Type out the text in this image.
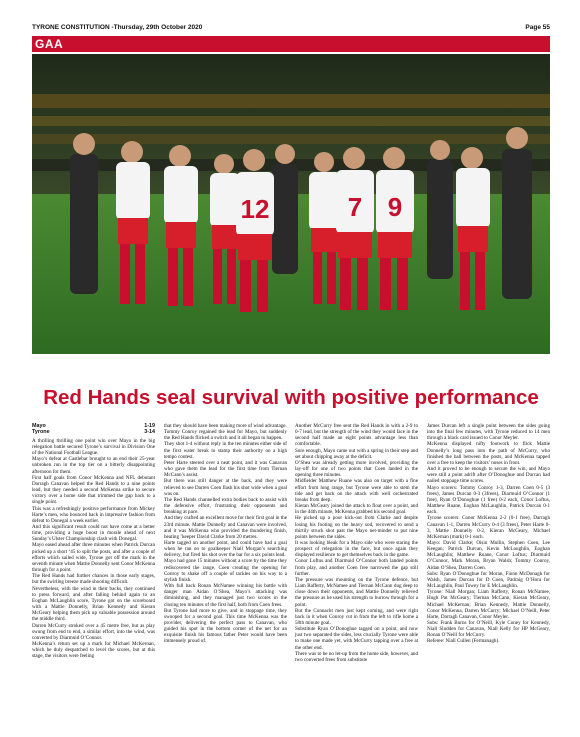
TYRONE CONSTITUTION -Thursday, 29th October 2020	Page 55
GAA
12	7 9
Red Hands seal survival with positive performance
Mayo	1-19
Tyrone	3-14

A thrilling thrilling one point win over Mayo in the big relegation battle secured Tyrone’s survival in Division One of the National Football League.

Mayo’s defeat at Castlebar brought to an end their 25-year unbroken run in the top tier on a bitterly disappointing afternoon for them.

First half goals from Conor McKenna and NFL debutant Darragh Canavan helped the Red Hands to a nine points lead, but they needed a second McKenna strike to secure victory over a home side that trimmed the gap back to a single point.

This was a refreshingly positive performance from Mickey Harte’s men, who bounced back in impressive fashion from defeat to Donegal a week earlier.

And this significant result could not have come at a better time, providing a huge boost in morale ahead of next Sunday’s Ulster Championship clash with Donegal.

Mayo eased ahead after three minutes when Patrick Durcan picked up a short ‘45 to split the posts, and after a couple of efforts which sailed wide, Tyrone got off the mark in the seventh minute when Mattie Donnelly sent Conor McKenna through for a point.

The Red Hands had further chances in those early stages, but the swirling breeze made shooting difficult.

Nevertheless, with the wind in their backs, they continued to press forward, and after falling behind again to an Eoghan McLaughlin score, Tyrone got on the scoreboard with a Mattie Donnelly, Brian Kennedy and Kieran McGeary helping them pick up valuable possession around the middle third.

Darren McCurry stroked over a 45 metre free, but as play swung from end to end, a similar effort, into the wind, was converted by Diarmuid O’Connor.

McKenna’s return set up a mark for Michael McKernan, which he duly despatched to level the scores, but at this stage, the visitors were feeling

that they should have been making more of wind advantage.

Tommy Conroy regained the lead for Mayo, but suddenly the Red Hands flicked a switch and it all began to happen.

They shot 1-4 without reply in the ten minutes either side of the first water break to stamp their authority on a high tempo contest.

Peter Harte steered over a neat point, and it was Canavan who gave them the lead for the first time from Tiernan McCann’s assist.

But there was still danger at the back, and they were relieved to see Darren Coen flash his shot wide when a goal was on.

The Red Hands channelled extra bodies back to assist with the defensive effort, frustrating their opponents and breaking at pace.

And they crafted an excellent move for their first goal in the 23rd minute. Mattie Donnelly and Canavan were involved, and it was McKenna who provided the thundering finish, beating ’keeper David Clarke from 20 metres.

Harte tagged on another point, and could have had a goal when he ran on to goalkeeper Niall Morgan’s searching delivery, but fired his shot over the bar for a six points lead.

Mayo had gone 15 minutes without a score by the time they rediscovered the range, Coen creating the opening for Conroy to shake off a couple of tackles on his way to a stylish finish.

With full back Ronan McNamee winning his battle with danger man Aidan O’Shea, Mayo’s attacking was diminishing, and they managed just two scores in the closing ten minutes of the first half, both from Coen frees.

But Tyrone had more to give, and in stoppage time, they swooped for a second goal. This time McKenna was the provider, delivering the perfect pass to Canavan, who guided his spot in the bottom corner of the net for an exquisite finish his famous father Peter would have been immensely proud of.

Another McCurry free sent the Red Hands in with a 2-9 to 0-7 lead, but the strength of the wind they would face in the second half made an eight points advantage less than comfortable.

Sure enough, Mayo came out with a spring in their step and set about chipping away at the deficit.

O’Shea was already getting more involved, providing the lay-off for one of two points that Coen landed in the opening three minutes.

Midfielder Matthew Ruane was also on target with a fine effort from long range, but Tyrone were able to stem the tide and get back on the attack with well orchestrated breaks from deep.

Kieran McGeary joined the attack to float over a point, and in the 44th minute, McKenna grabbed his second goal.

He picked up a poor kick-out from Clarke and despite losing his footing on the heavy sod, recovered to send a thirtily struck shot past the Mayo net-minder to put nine points between the sides.

It was looking bleak for a Mayo side who were staring the prospect of relegation in the face, but once again they displayed resilience to get themselves back in the game.

Conor Loftus and Diarmuid O’Connor both landed points from play, and another Coen free narrowed the gap still further.

The pressure was mounting on the Tyrone defence, but Liam Rafferty, McNamee and Tiernan McCann dug deep to close down their opponents, and Mattie Donnelly relieved the pressure as he used his strength to burrow through for a point.

But the Connacht men just kept coming, and were right back in it when Conroy cut in from the left to rifle home a 58th minute goal.

Substitute Ryan O’Donoghue tagged on a point, and now just two separated the sides, less crucially Tyrone were able to make one made yet, with McCurry tapping over a free at the other end.

There was to be no let-up from the home side, however, and two converted frees from substitute

James Durcan left a single point between the sides going into the final few minutes, with Tyrone reduced to 14 men through a black card issued to Conor Meyler.

McKenna displayed nifty footwork to flick Mattie Donnelly’s long pass into the path of McCurry, who finished the ball between the posts, and McKenna tapped over a free to keep the visitors’ noses in front.

And it proved to be enough to secure the win, and Mayo were still a point adrift after O’Donoghue and Durcan had nailed stoppage time scores.

Mayo scorers: Tommy Conroy 1-3, Darren Coen 0-5 (3 frees), James Durcan 0-3 (3frees), Diarmuid O’Connor (1 free), Ryan O’Donoghue (1 free) 0-2 each, Conor Loftus, Matthew Ruane, Eoghan McLaughlin, Patrick Durcan 0-1 each.

Tyrone scorers: Conor McKenna 2-2 (0-1 free), Darragh Canavan 1-1, Darren McCurry 0-4 (3 frees), Peter Harte 0-3, Mattie Donnelly 0-2, Kieran McGeary, Michael McKernan (mark) 0-1 each.

Mayo: David Clarke; Oisin Mullin, Stephen Coen, Lee Keegan; Patrick Durcan, Kevin McLoughlin, Eoghan McLaughlin; Matthew Ruane, Conor Loftus; Diarmuid O’Connor, Mark Moran, Bryan Walsh; Tommy Conroy, Aidan O’Shea, Darren Coen.

Subs: Ryan O’Donoghue for Moran, Fionn McDonagh for Walsh, James Durcan for D Coen, Padraig O’Hora for McLaughlin, Paul Towey for E McLaughlin.

Tyrone: Niall Morgan; Liam Rafferty, Ronan McNamee, Hugh Pat McGeary; Tiernan McCann, Kieran McGeary, Michael McKernan; Brian Kennedy, Mattie Donnelly, Conor McKenna, Darren McCurry; Michael O’Neill, Peter Harte, Darragh Canavan, Conor Meyler.

Subs: Frank Burns for O’Neill, Kyle Coney for Kennedy, Niall Sludden for Canavan, Niall Kelly for HP McGeary, Ronan O’Neill for McCurry.

Referee: Niall Cullen (Fermanagh).
